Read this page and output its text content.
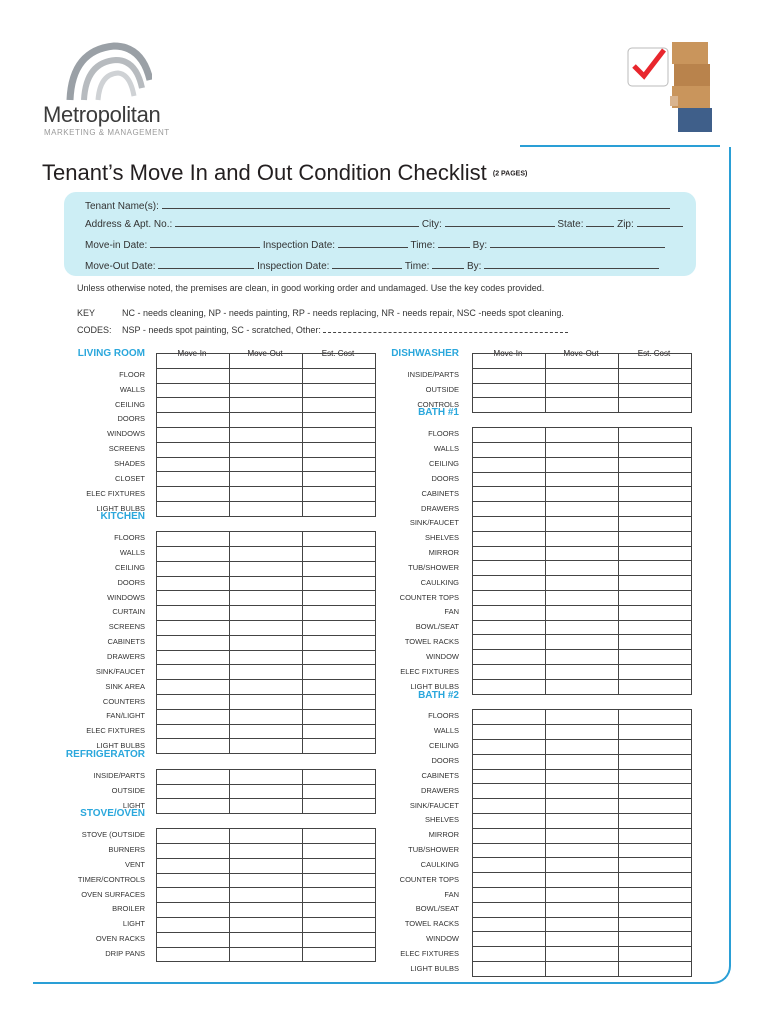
Metropolitan
MARKETING & MANAGEMENT
Tenant’s Move In and Out Condition Checklist (2 PAGES)
Tenant Name(s):
Address & Apt. No.:	City:	State:	Zip:
Move-in Date:	Inspection Date:	Time:	By:
Move-Out Date:	Inspection Date:	Time:	By:
Unless otherwise noted, the premises are clean, in good working order and undamaged. Use the key codes provided.
KEY	NC - needs cleaning, NP - needs painting, RP - needs replacing, NR - needs repair, NSC -needs spot cleaning.
CODES: NSP - needs spot painting, SC - scratched, Other:
Move-In	Move-Out	Est. Cost	Move-In	Move-Out	Est. Cost
LIVING ROOM

FLOOR
WALLS
CEILING
DOORS
WINDOWS
SCREENS
SHADES
CLOSET
ELEC FIXTURES
LIGHT BULBS
KITCHEN

FLOORS
WALLS
CEILING
DOORS
WINDOWS
CURTAIN
SCREENS
CABINETS
DRAWERS
SINK/FAUCET
SINK AREA
COUNTERS
FAN/LIGHT
ELEC FIXTURES
LIGHT BULBS
REFRIGERATOR

INSIDE/PARTS
OUTSIDE
LIGHT
STOVE/OVEN

STOVE (OUTSIDE
BURNERS
VENT
TIMER/CONTROLS
OVEN SURFACES
BROILER
LIGHT
OVEN RACKS
DRIP PANS
DISHWASHER

INSIDE/PARTS
OUTSIDE
CONTROLS
BATH #1

FLOORS
WALLS
CEILING
DOORS
CABINETS
DRAWERS
SINK/FAUCET
SHELVES
MIRROR
TUB/SHOWER
CAULKING
COUNTER TOPS
FAN
BOWL/SEAT
TOWEL RACKS
WINDOW
ELEC FIXTURES
LIGHT BULBS
BATH #2

FLOORS
WALLS
CEILING
DOORS
CABINETS
DRAWERS
SINK/FAUCET
SHELVES
MIRROR
TUB/SHOWER
CAULKING
COUNTER TOPS
FAN
BOWL/SEAT
TOWEL RACKS
WINDOW
ELEC FIXTURES
LIGHT BULBS
